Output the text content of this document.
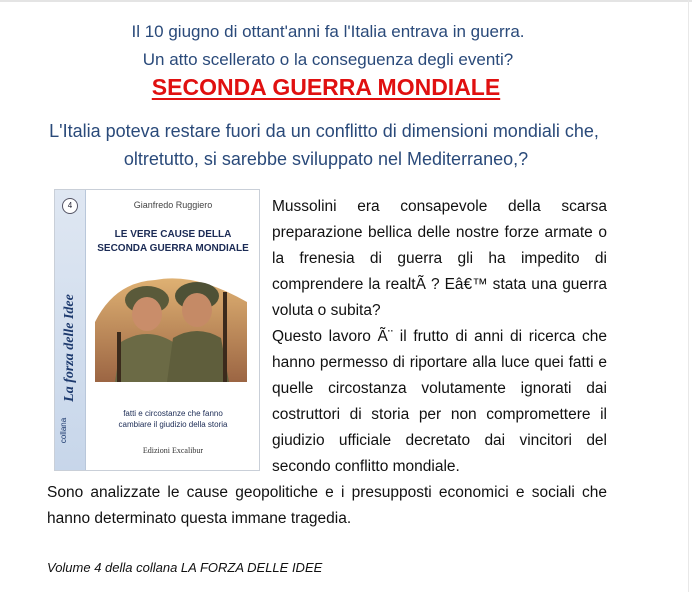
Il 10 giugno di ottant'anni fa l'Italia entrava in guerra.
Un atto scellerato o la conseguenza degli eventi?
SECONDA GUERRA MONDIALE
L'Italia poteva restare fuori da un conflitto di dimensioni mondiali che,
oltretutto, si sarebbe sviluppato nel Mediterraneo,?
4
La forza delle Idee
collana
Gianfredo Ruggiero
LE VERE CAUSE DELLA
SECONDA GUERRA MONDIALE
fatti e circostanze che fanno
cambiare il giudizio della storia
Edizioni Excalibur

Mussolini era consapevole della scarsa preparazione bellica delle nostre forze armate o la frenesia di guerra gli ha impedito di comprendere la realtÃ ? Eâ€™ stata una guerra voluta o subita?

Questo lavoro Ã¨ il frutto di anni di ricerca che hanno permesso di riportare alla luce quei fatti e quelle circostanza volutamente ignorati dai costruttori di storia per non compromettere il giudizio ufficiale decretato dai vincitori del secondo conflitto mondiale.

Sono analizzate le cause geopolitiche e i presupposti economici e sociali che hanno determinato questa immane tragedia.
Volume 4 della collana LA FORZA DELLE IDEE
